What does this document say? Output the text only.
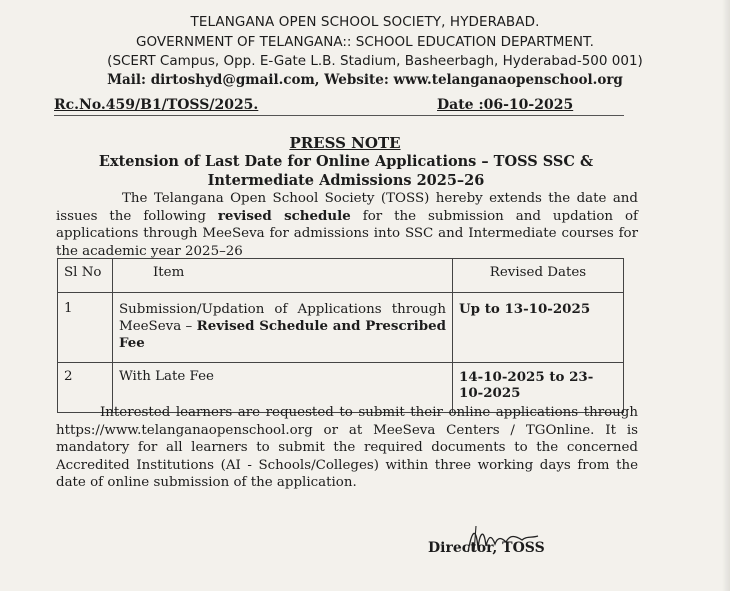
TELANGANA OPEN SCHOOL SOCIETY, HYDERABAD.
GOVERNMENT OF TELANGANA:: SCHOOL EDUCATION DEPARTMENT.
(SCERT Campus, Opp. E-Gate L.B. Stadium, Basheerbagh, Hyderabad-500 001)
Mail: dirtoshyd@gmail.com, Website: www.telanganaopenschool.org
Rc.No.459/B1/TOSS/2025.	Date :06-10-2025
PRESS NOTE
Extension of Last Date for Online Applications – TOSS SSC &
Intermediate Admissions 2025–26
The Telangana Open School Society (TOSS) hereby extends the date and issues the following revised schedule for the submission and updation of applications through MeeSeva for admissions into SSC and Intermediate courses for the academic year 2025–26
Sl No	Item	Revised Dates
1	Submission/Updation of Applications through MeeSeva – Revised Schedule and Prescribed Fee	Up to 13-10-2025
2	With Late Fee	14-10-2025 to 23-10-2025
Interested learners are requested to submit their online applications through https://www.telanganaopenschool.org or at MeeSeva Centers / TGOnline. It is mandatory for all learners to submit the required documents to the concerned Accredited Institutions (AI - Schools/Colleges) within three working days from the date of online submission of the application.
Director, TOSS
